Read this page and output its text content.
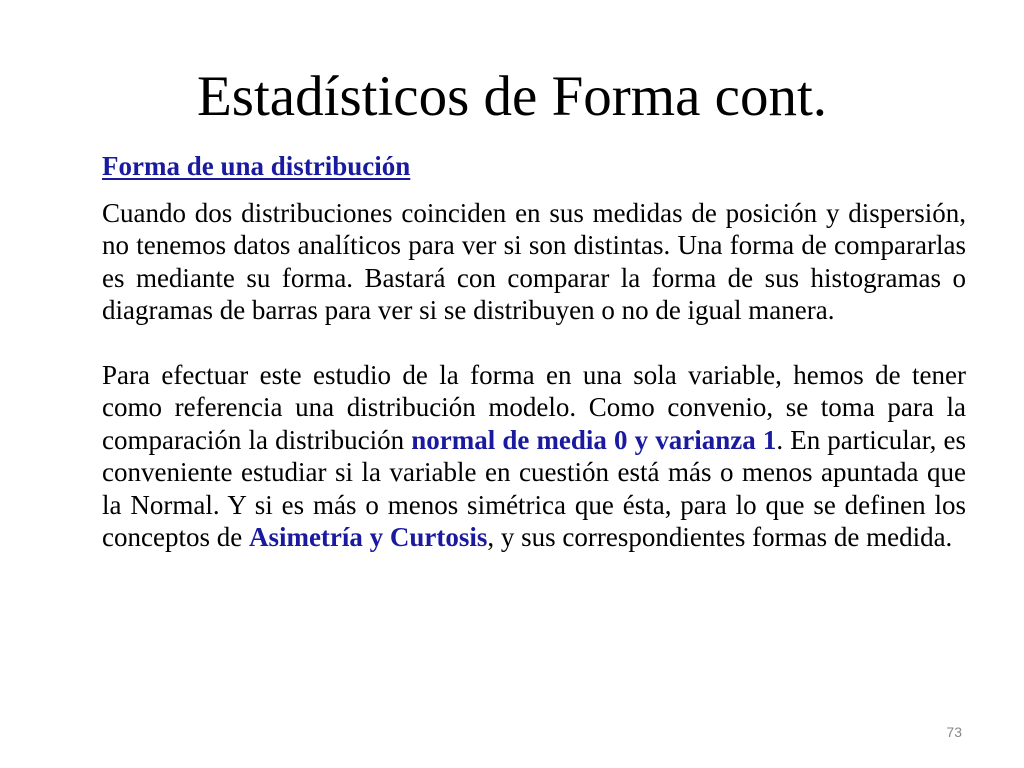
Estadísticos de Forma cont.

Forma de una distribución

Cuando dos distribuciones coinciden en sus medidas de posición y dispersión, no tenemos datos analíticos para ver si son distintas. Una forma de compararlas es mediante su forma. Bastará con comparar la forma de sus histogramas o diagramas de barras para ver si se distribuyen o no de igual manera.

Para efectuar este estudio de la forma en una sola variable, hemos de tener como referencia una distribución modelo. Como convenio, se toma para la comparación la distribución normal de media 0 y varianza 1. En particular, es conveniente estudiar si la variable en cuestión está más o menos apuntada que la Normal. Y si es más o menos simétrica que ésta, para lo que se definen los conceptos de Asimetría y Curtosis, y sus correspondientes formas de medida.

73
